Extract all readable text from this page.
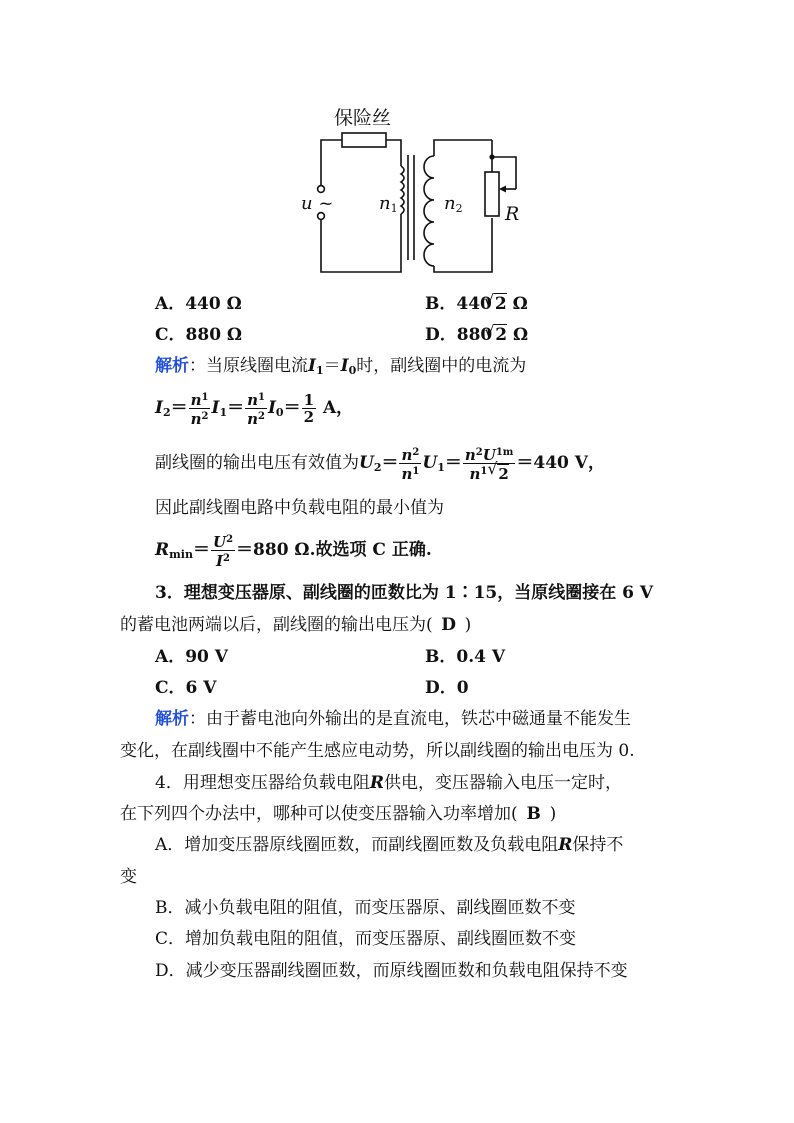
保险丝
u ~	$n_1$	$n_2$ R
A．440 Ω	B．440 √ 2 Ω
C．880 Ω	D．880 √ 2 Ω
解析：当原线圈电流$I_1=I_0$时，副线圈中的电流为
$I_2= \frac{n^1}{n^2} I_1= \frac{n^1}{n^2} I_0= \frac{1}{2}$ A，
副线圈的输出电压有效值为$U_2= \frac{n^2}{n^1} U_1= \frac{n^2U^{1m}}{n^1 √ 2} =440$ V，
因此副线圈电路中负载电阻的最小值为
$R_{min}= \frac{U^2}{I^2} =880$ Ω.故选项 C 正确.
3．理想变压器原、副线圈的匝数比为 1∶15，当原线圈接在 6 V
的蓄电池两端以后，副线圈的输出电压为( D )
A．90 V	B．0.4 V
C．6 V	D．0
解析：由于蓄电池向外输出的是直流电，铁芯中磁通量不能发生
变化，在副线圈中不能产生感应电动势，所以副线圈的输出电压为 0.
4．用理想变压器给负载电阻R供电，变压器输入电压一定时，
在下列四个办法中，哪种可以使变压器输入功率增加( B )
A．增加变压器原线圈匝数，而副线圈匝数及负载电阻R保持不
变
B．减小负载电阻的阻值，而变压器原、副线圈匝数不变
C．增加负载电阻的阻值，而变压器原、副线圈匝数不变
D．减少变压器副线圈匝数，而原线圈匝数和负载电阻保持不变
